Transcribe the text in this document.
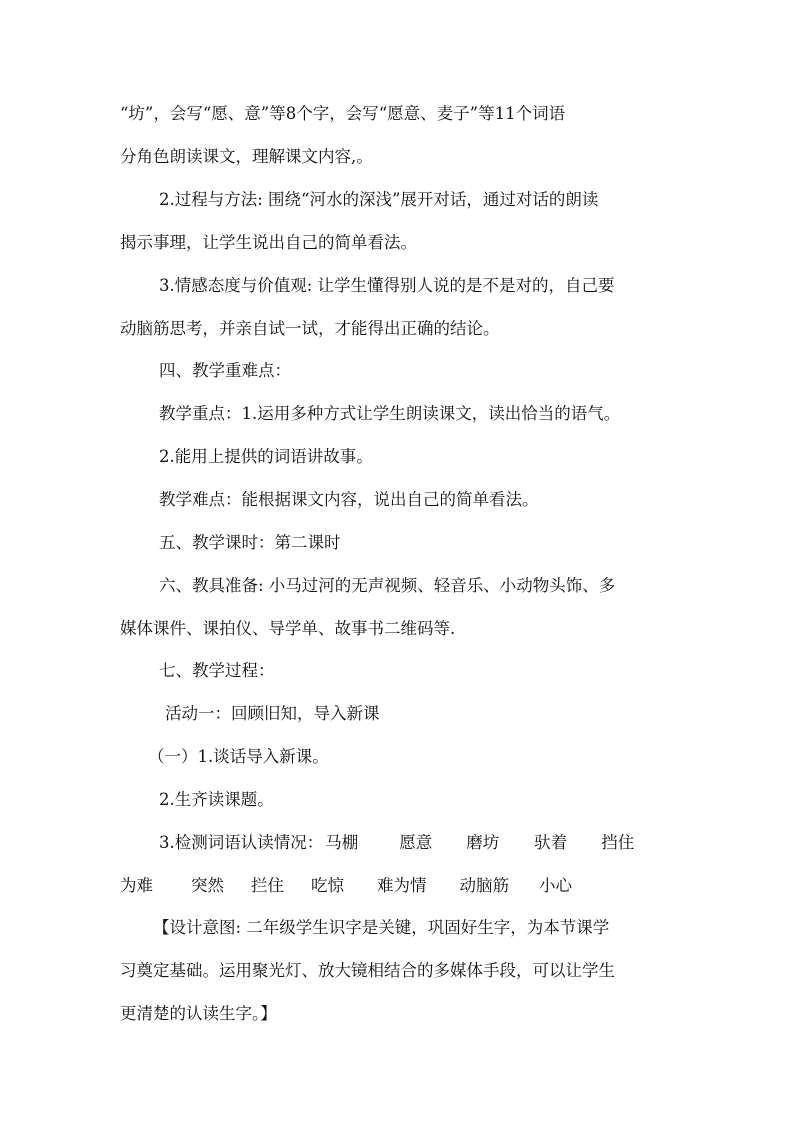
“坊”，会写“愿、意”等8个字，会写“愿意、麦子”等11个词语
分角色朗读课文，理解课文内容,。
2.过程与方法: 围绕“河水的深浅”展开对话，通过对话的朗读
揭示事理，让学生说出自己的简单看法。
3.情感态度与价值观: 让学生懂得别人说的是不是对的，自己要
动脑筋思考，并亲自试一试，才能得出正确的结论。
四、教学重难点：
教学重点：1.运用多种方式让学生朗读课文，读出恰当的语气。
2.能用上提供的词语讲故事。
教学难点：能根据课文内容，说出自己的简单看法。
五、教学课时：第二课时
六、教具准备: 小马过河的无声视频、轻音乐、小动物头饰、多
媒体课件、课拍仪、导学单、故事书二维码等.
七、教学过程：
活动一：回顾旧知，导入新课
（一）1.谈话导入新课。
2.生齐读课题。
3.检测词语认读情况： 马棚 愿意 磨坊 驮着 挡住
为难 突然 拦住 吃惊 难为情 动脑筋 小心
【设计意图: 二年级学生识字是关键，巩固好生字，为本节课学
习奠定基础。运用聚光灯、放大镜相结合的多媒体手段，可以让学生
更清楚的认读生字。】
